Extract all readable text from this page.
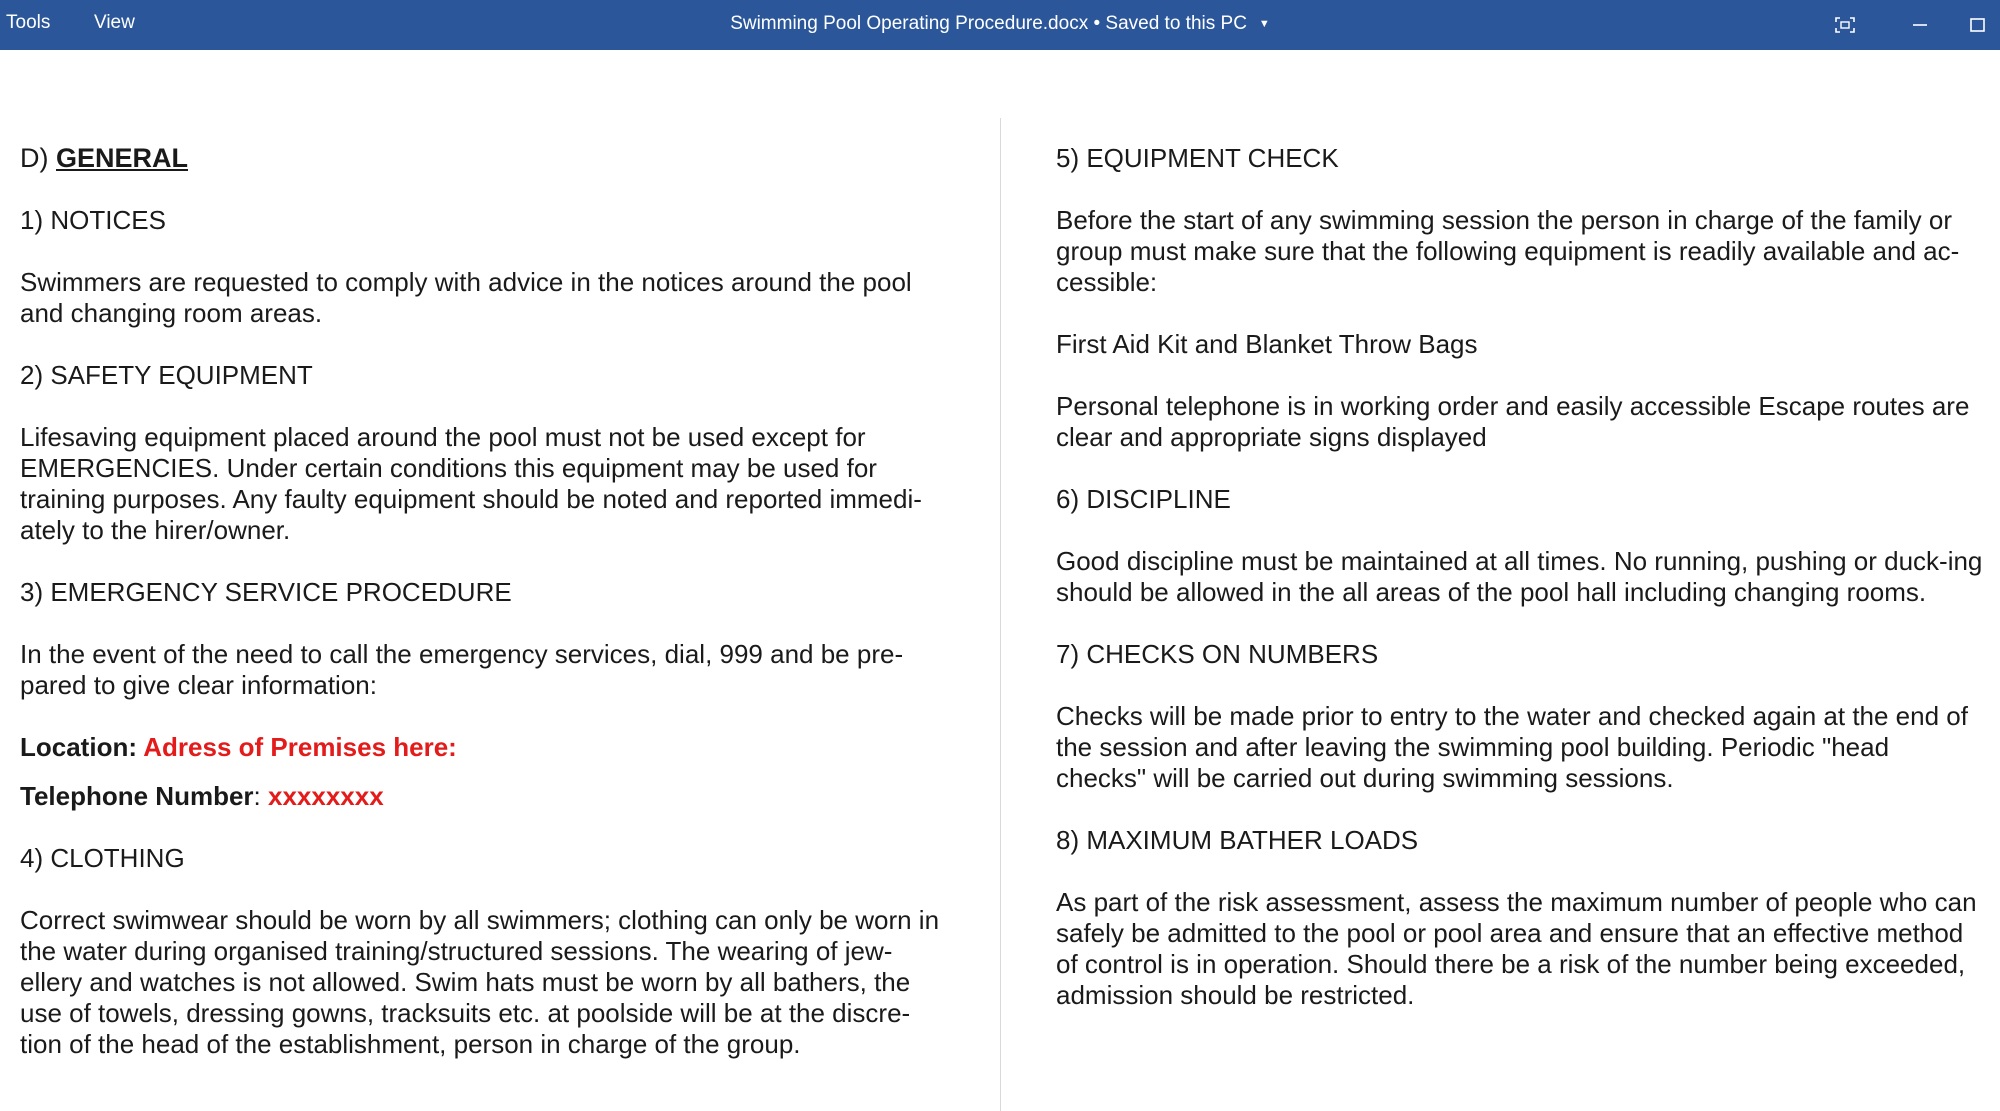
Tools View	Swimming Pool Operating Procedure.docx • Saved to this PC ▼

D) GENERAL

1) NOTICES

Swimmers are requested to comply with advice in the notices around the pool and changing room areas.

2) SAFETY EQUIPMENT

Lifesaving equipment placed around the pool must not be used except for EMERGENCIES. Under certain conditions this equipment may be used for training purposes. Any faulty equipment should be noted and reported immedi-ately to the hirer/owner.

3) EMERGENCY SERVICE PROCEDURE

In the event of the need to call the emergency services, dial, 999 and be pre-pared to give clear information:

Location: Adress of Premises here:

Telephone Number: xxxxxxxx

4) CLOTHING

Correct swimwear should be worn by all swimmers; clothing can only be worn in the water during organised training/structured sessions. The wearing of jew-ellery and watches is not allowed. Swim hats must be worn by all bathers, the use of towels, dressing gowns, tracksuits etc. at poolside will be at the discre-tion of the head of the establishment, person in charge of the group.

5) EQUIPMENT CHECK

Before the start of any swimming session the person in charge of the family or group must make sure that the following equipment is readily available and ac-cessible:

First Aid Kit and Blanket Throw Bags

Personal telephone is in working order and easily accessible Escape routes are clear and appropriate signs displayed

6) DISCIPLINE

Good discipline must be maintained at all times. No running, pushing or duck-ing should be allowed in the all areas of the pool hall including changing rooms.

7) CHECKS ON NUMBERS

Checks will be made prior to entry to the water and checked again at the end of the session and after leaving the swimming pool building. Periodic "head checks" will be carried out during swimming sessions.

8) MAXIMUM BATHER LOADS

As part of the risk assessment, assess the maximum number of people who can safely be admitted to the pool or pool area and ensure that an effective method of control is in operation. Should there be a risk of the number being exceeded, admission should be restricted.
